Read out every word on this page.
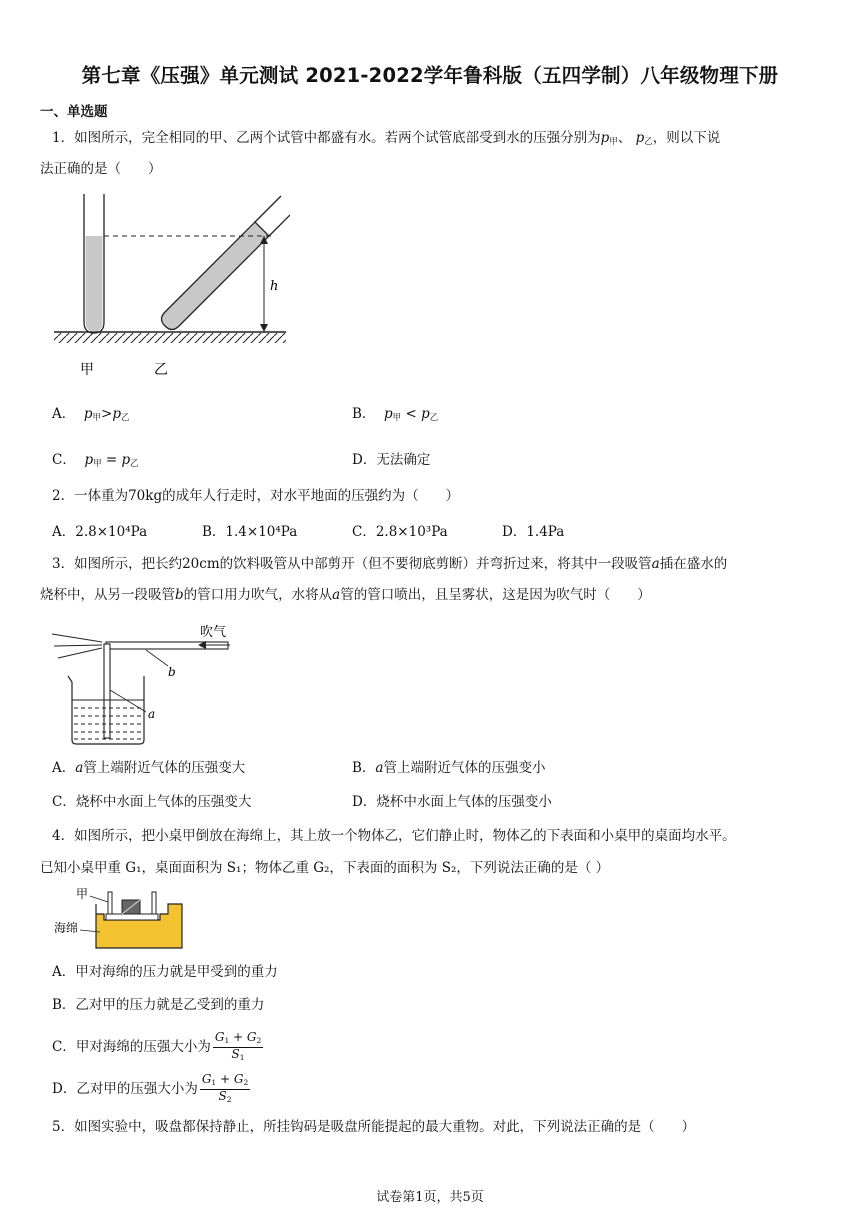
第七章《压强》单元测试 2021-2022学年鲁科版（五四学制）八年级物理下册
一、单选题
1．如图所示，完全相同的甲、乙两个试管中都盛有水。若两个试管底部受到水的压强分别为$p_甲$、 $p_乙$，则以下说
法正确的是（　　）
h
甲	乙
A． $p_甲>p_乙$	B． $p_甲 < p_乙$
C． $p_甲 = p_乙$	D．无法确定
2．一体重为70kg的成年人行走时，对水平地面的压强约为（　　）
A．2.8×10⁴Pa	B．1.4×10⁴Pa	C．2.8×10³Pa	D．1.4Pa
3．如图所示，把长约20cm的饮料吸管从中部剪开（但不要彻底剪断）并弯折过来，将其中一段吸管a插在盛水的
烧杯中，从另一段吸管b的管口用力吹气，水将从a管的管口喷出，且呈雾状，这是因为吹气时（　　）
吹气
b
a
A．a管上端附近气体的压强变大	B．a管上端附近气体的压强变小
C．烧杯中水面上气体的压强变大	D．烧杯中水面上气体的压强变小
4．如图所示，把小桌甲倒放在海绵上，其上放一个物体乙，它们静止时，物体乙的下表面和小桌甲的桌面均水平。
已知小桌甲重 G₁，桌面面积为 S₁；物体乙重 G₂，下表面的面积为 S₂，下列说法正确的是（ ）
甲
海绵
A．甲对海绵的压力就是甲受到的重力
B．乙对甲的压力就是乙受到的重力
C．甲对海绵的压强大小为 $\frac{G_1 + G_2}{S_1}$
D．乙对甲的压强大小为 $\frac{G_1 + G_2}{S_2}$
5．如图实验中，吸盘都保持静止，所挂钩码是吸盘所能提起的最大重物。对此，下列说法正确的是（　　）
试卷第1页，共5页
